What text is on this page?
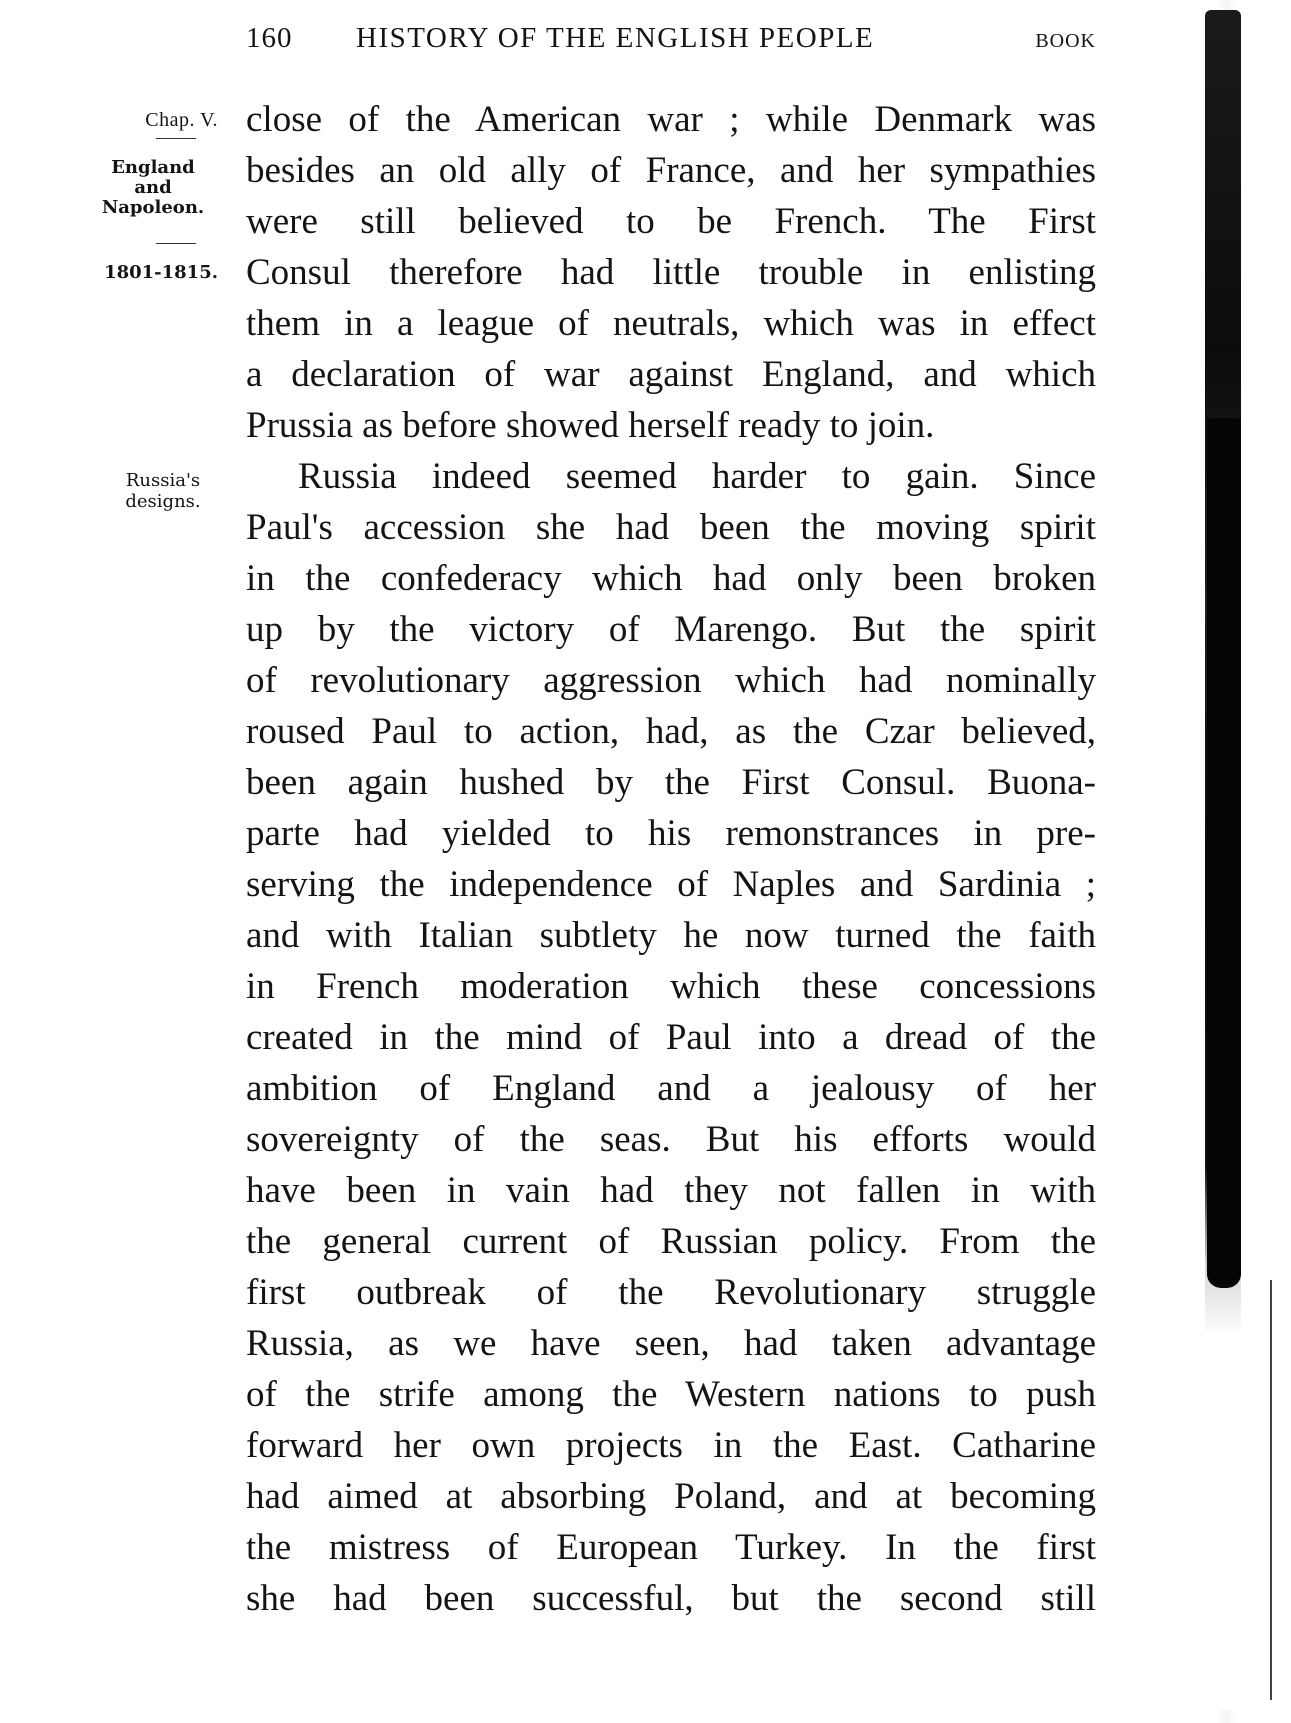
160 HISTORY OF THE ENGLISH PEOPLE	BOOK
Chap. V.
England
and
Napoleon.
1801-1815.
Russia's
designs.
close of the American war ; while Denmark was
besides an old ally of France, and her sympathies
were still believed to be French. The First
Consul therefore had little trouble in enlisting
them in a league of neutrals, which was in effect
a declaration of war against England, and which
Prussia as before showed herself ready to join.
Russia indeed seemed harder to gain. Since
Paul's accession she had been the moving spirit
in the confederacy which had only been broken
up by the victory of Marengo. But the spirit
of revolutionary aggression which had nominally
roused Paul to action, had, as the Czar believed,
been again hushed by the First Consul. Buona-
parte had yielded to his remonstrances in pre-
serving the independence of Naples and Sardinia ;
and with Italian subtlety he now turned the faith
in French moderation which these concessions
created in the mind of Paul into a dread of the
ambition of England and a jealousy of her
sovereignty of the seas. But his efforts would
have been in vain had they not fallen in with
the general current of Russian policy. From the
first outbreak of the Revolutionary struggle
Russia, as we have seen, had taken advantage
of the strife among the Western nations to push
forward her own projects in the East. Catharine
had aimed at absorbing Poland, and at becoming
the mistress of European Turkey. In the first
she had been successful, but the second still
